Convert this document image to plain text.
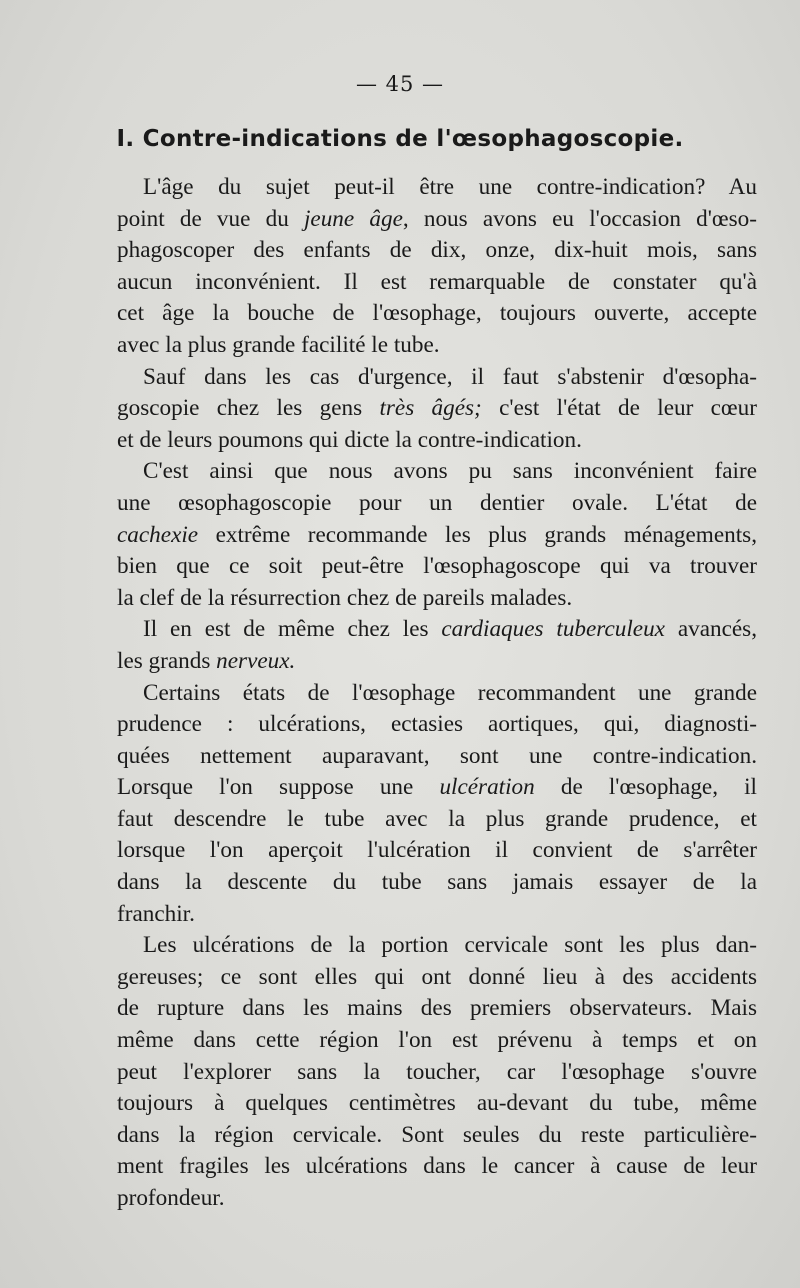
— 45 —
I. Contre-indications de l'œsophagoscopie.
L'âge du sujet peut-il être une contre-indication? Au
point de vue du jeune âge, nous avons eu l'occasion d'œso-
phagoscoper des enfants de dix, onze, dix-huit mois, sans
aucun inconvénient. Il est remarquable de constater qu'à
cet âge la bouche de l'œsophage, toujours ouverte, accepte
avec la plus grande facilité le tube.
Sauf dans les cas d'urgence, il faut s'abstenir d'œsopha-
goscopie chez les gens très âgés; c'est l'état de leur cœur
et de leurs poumons qui dicte la contre-indication.
C'est ainsi que nous avons pu sans inconvénient faire
une œsophagoscopie pour un dentier ovale. L'état de
cachexie extrême recommande les plus grands ménagements,
bien que ce soit peut-être l'œsophagoscope qui va trouver
la clef de la résurrection chez de pareils malades.
Il en est de même chez les cardiaques tuberculeux avancés,
les grands nerveux.
Certains états de l'œsophage recommandent une grande
prudence : ulcérations, ectasies aortiques, qui, diagnosti-
quées nettement auparavant, sont une contre-indication.
Lorsque l'on suppose une ulcération de l'œsophage, il
faut descendre le tube avec la plus grande prudence, et
lorsque l'on aperçoit l'ulcération il convient de s'arrêter
dans la descente du tube sans jamais essayer de la
franchir.
Les ulcérations de la portion cervicale sont les plus dan-
gereuses; ce sont elles qui ont donné lieu à des accidents
de rupture dans les mains des premiers observateurs. Mais
même dans cette région l'on est prévenu à temps et on
peut l'explorer sans la toucher, car l'œsophage s'ouvre
toujours à quelques centimètres au-devant du tube, même
dans la région cervicale. Sont seules du reste particulière-
ment fragiles les ulcérations dans le cancer à cause de leur
profondeur.
